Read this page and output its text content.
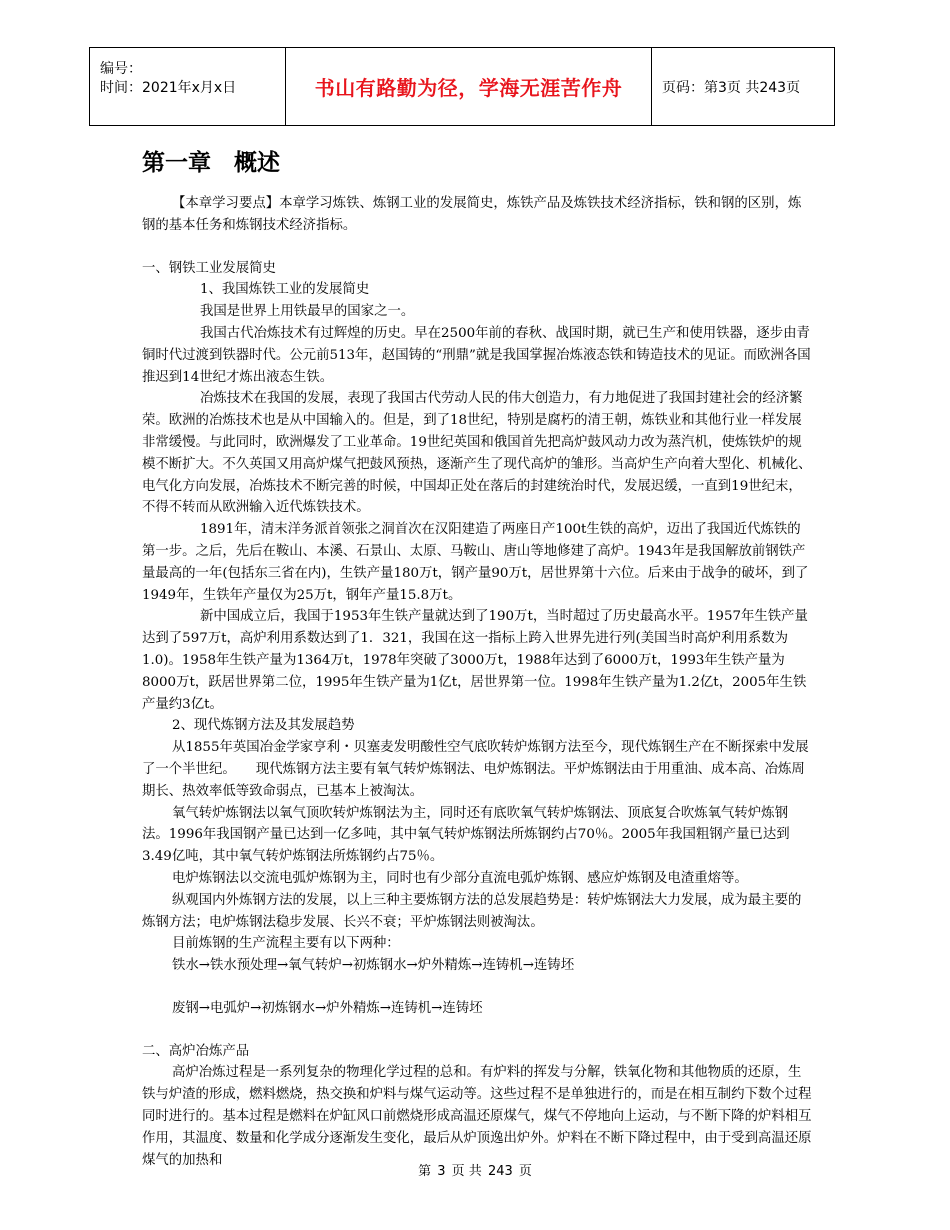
编号：
时间：2021年x月x日	书山有路勤为径，学海无涯苦作舟	页码：第3页 共243页
第一章　概述

【本章学习要点】本章学习炼铁、炼钢工业的发展简史，炼铁产品及炼铁技术经济指标，铁和钢的区别，炼钢的基本任务和炼钢技术经济指标。

一、钢铁工业发展简史

1、我国炼铁工业的发展简史

我国是世界上用铁最早的国家之一。

我国古代冶炼技术有过辉煌的历史。早在2500年前的春秋、战国时期，就已生产和使用铁器，逐步由青铜时代过渡到铁器时代。公元前513年，赵国铸的“刑鼎”就是我国掌握冶炼液态铁和铸造技术的见证。而欧洲各国推迟到14世纪才炼出液态生铁。

冶炼技术在我国的发展，表现了我国古代劳动人民的伟大创造力，有力地促进了我国封建社会的经济繁荣。欧洲的冶炼技术也是从中国输入的。但是，到了18世纪，特别是腐朽的清王朝，炼铁业和其他行业一样发展非常缓慢。与此同时，欧洲爆发了工业革命。19世纪英国和俄国首先把高炉鼓风动力改为蒸汽机，使炼铁炉的规模不断扩大。不久英国又用高炉煤气把鼓风预热，逐渐产生了现代高炉的雏形。当高炉生产向着大型化、机械化、电气化方向发展，冶炼技术不断完善的时候，中国却正处在落后的封建统治时代，发展迟缓，一直到19世纪末，不得不转而从欧洲输入近代炼铁技术。

1891年，清末洋务派首领张之洞首次在汉阳建造了两座日产100t生铁的高炉，迈出了我国近代炼铁的第一步。之后，先后在鞍山、本溪、石景山、太原、马鞍山、唐山等地修建了高炉。1943年是我国解放前钢铁产量最高的一年(包括东三省在内)，生铁产量180万t，钢产量90万t，居世界第十六位。后来由于战争的破坏，到了1949年，生铁年产量仅为25万t，钢年产量15.8万t。

新中国成立后，我国于1953年生铁产量就达到了190万t，当时超过了历史最高水平。1957年生铁产量达到了597万t，高炉利用系数达到了1．321，我国在这一指标上跨入世界先进行列(美国当时高炉利用系数为1.0)。1958年生铁产量为1364万t，1978年突破了3000万t，1988年达到了6000万t，1993年生铁产量为8000万t，跃居世界第二位，1995年生铁产量为1亿t，居世界第一位。1998年生铁产量为1.2亿t，2005年生铁产量约3亿t。

2、现代炼钢方法及其发展趋势

从1855年英国冶金学家亨利・贝塞麦发明酸性空气底吹转炉炼钢方法至今，现代炼钢生产在不断探索中发展了一个半世纪。　　现代炼钢方法主要有氧气转炉炼钢法、电炉炼钢法。平炉炼钢法由于用重油、成本高、冶炼周期长、热效率低等致命弱点，已基本上被淘汰。

氧气转炉炼钢法以氧气顶吹转炉炼钢法为主，同时还有底吹氧气转炉炼钢法、顶底复合吹炼氧气转炉炼钢法。1996年我国钢产量已达到一亿多吨，其中氧气转炉炼钢法所炼钢约占70％。2005年我国粗钢产量已达到3.49亿吨，其中氧气转炉炼钢法所炼钢约占75％。

电炉炼钢法以交流电弧炉炼钢为主，同时也有少部分直流电弧炉炼钢、感应炉炼钢及电渣重熔等。

纵观国内外炼钢方法的发展，以上三种主要炼钢方法的总发展趋势是：转炉炼钢法大力发展，成为最主要的炼钢方法；电炉炼钢法稳步发展、长兴不衰；平炉炼钢法则被淘汰。

目前炼钢的生产流程主要有以下两种：

铁水→铁水预处理→氧气转炉→初炼钢水→炉外精炼→连铸机→连铸坯

废钢→电弧炉→初炼钢水→炉外精炼→连铸机→连铸坯

二、高炉冶炼产品

高炉冶炼过程是一系列复杂的物理化学过程的总和。有炉料的挥发与分解，铁氧化物和其他物质的还原，生铁与炉渣的形成，燃料燃烧，热交换和炉料与煤气运动等。这些过程不是单独进行的，而是在相互制约下数个过程同时进行的。基本过程是燃料在炉缸风口前燃烧形成高温还原煤气，煤气不停地向上运动，与不断下降的炉料相互作用，其温度、数量和化学成分逐渐发生变化，最后从炉顶逸出炉外。炉料在不断下降过程中，由于受到高温还原煤气的加热和

第 3 页 共 243 页
